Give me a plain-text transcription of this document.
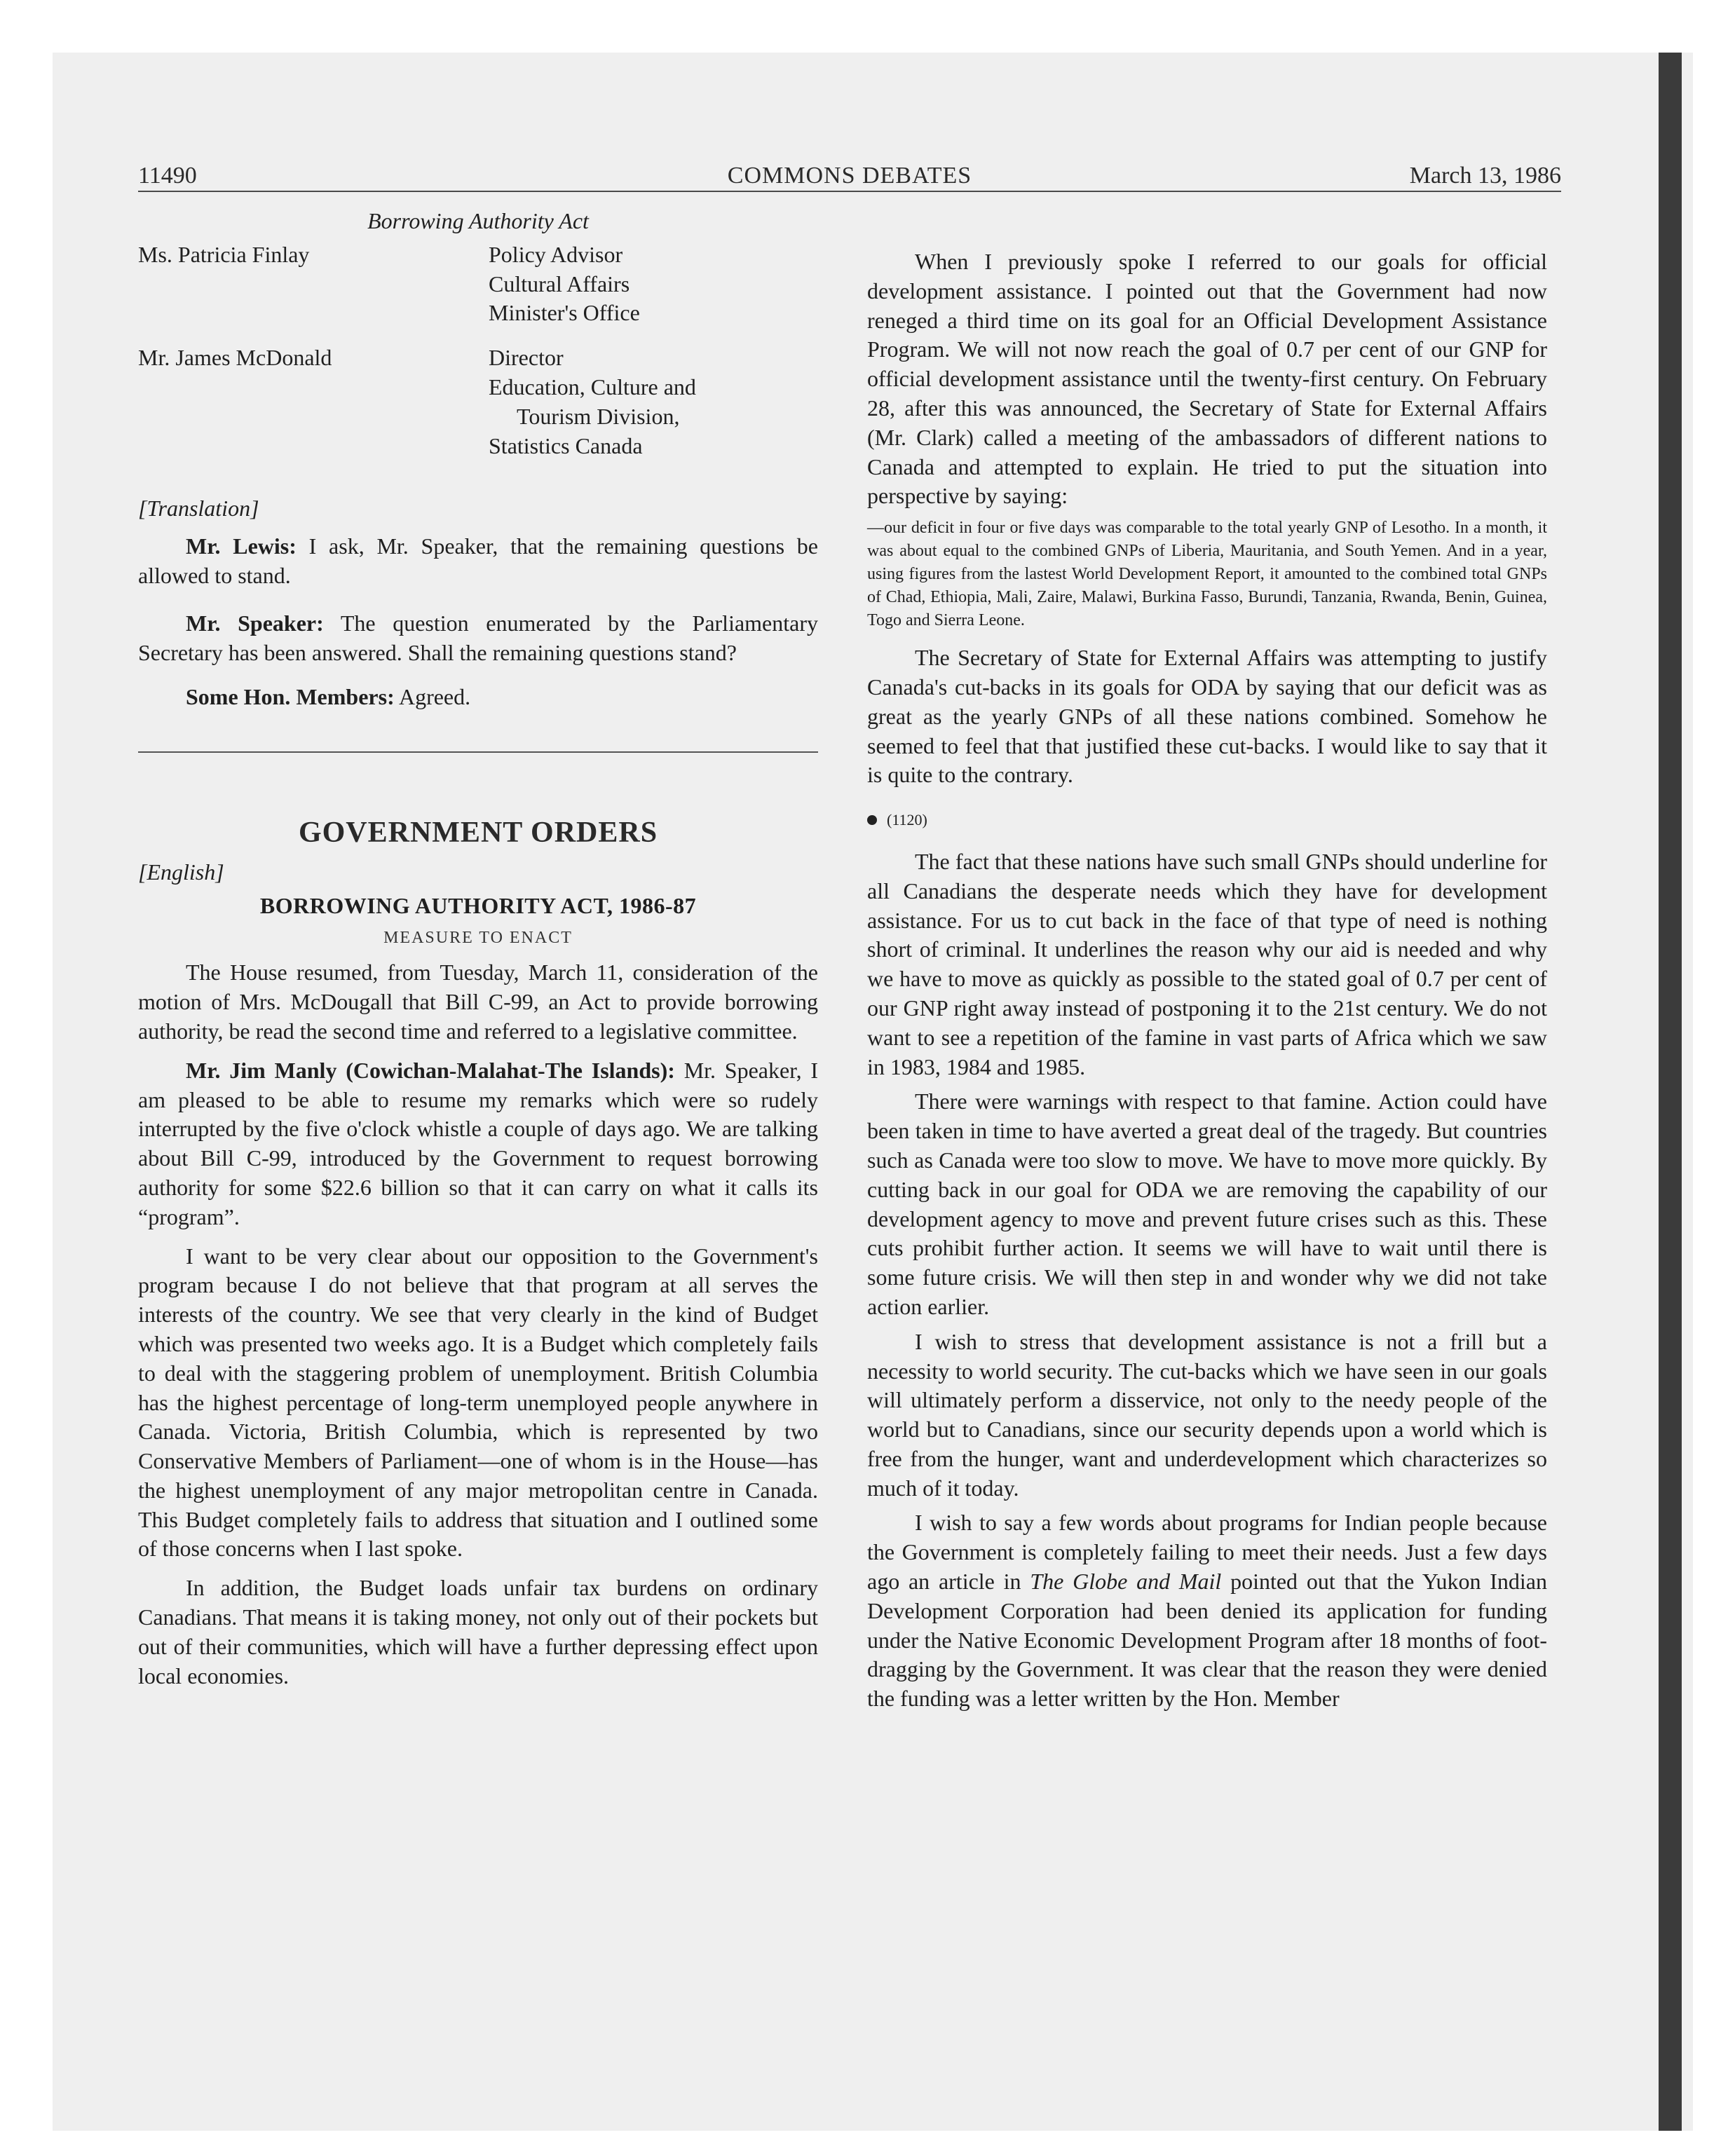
11490	COMMONS DEBATES	March 13, 1986
Borrowing Authority Act
Ms. Patricia Finlay	Policy Advisor
Cultural Affairs
Minister's Office
Mr. James McDonald	Director
Education, Culture and
Tourism Division,
Statistics Canada
[Translation]

Mr. Lewis: I ask, Mr. Speaker, that the remaining questions be allowed to stand.

Mr. Speaker: The question enumerated by the Parliamentary Secretary has been answered. Shall the remaining questions stand?

Some Hon. Members: Agreed.

GOVERNMENT ORDERS
[English]
BORROWING AUTHORITY ACT, 1986-87
MEASURE TO ENACT

The House resumed, from Tuesday, March 11, consideration of the motion of Mrs. McDougall that Bill C-99, an Act to provide borrowing authority, be read the second time and referred to a legislative committee.

Mr. Jim Manly (Cowichan-Malahat-The Islands): Mr. Speaker, I am pleased to be able to resume my remarks which were so rudely interrupted by the five o'clock whistle a couple of days ago. We are talking about Bill C-99, introduced by the Government to request borrowing authority for some $22.6 billion so that it can carry on what it calls its “program”.

I want to be very clear about our opposition to the Government's program because I do not believe that that program at all serves the interests of the country. We see that very clearly in the kind of Budget which was presented two weeks ago. It is a Budget which completely fails to deal with the staggering problem of unemployment. British Columbia has the highest percentage of long-term unemployed people anywhere in Canada. Victoria, British Columbia, which is represented by two Conservative Members of Parliament—one of whom is in the House—has the highest unemployment of any major metropolitan centre in Canada. This Budget completely fails to address that situation and I outlined some of those concerns when I last spoke.

In addition, the Budget loads unfair tax burdens on ordinary Canadians. That means it is taking money, not only out of their pockets but out of their communities, which will have a further depressing effect upon local economies.

When I previously spoke I referred to our goals for official development assistance. I pointed out that the Government had now reneged a third time on its goal for an Official Development Assistance Program. We will not now reach the goal of 0.7 per cent of our GNP for official development assistance until the twenty-first century. On February 28, after this was announced, the Secretary of State for External Affairs (Mr. Clark) called a meeting of the ambassadors of different nations to Canada and attempted to explain. He tried to put the situation into perspective by saying:

—our deficit in four or five days was comparable to the total yearly GNP of Lesotho. In a month, it was about equal to the combined GNPs of Liberia, Mauritania, and South Yemen. And in a year, using figures from the lastest World Development Report, it amounted to the combined total GNPs of Chad, Ethiopia, Mali, Zaire, Malawi, Burkina Fasso, Burundi, Tanzania, Rwanda, Benin, Guinea, Togo and Sierra Leone.

The Secretary of State for External Affairs was attempting to justify Canada's cut-backs in its goals for ODA by saying that our deficit was as great as the yearly GNPs of all these nations combined. Somehow he seemed to feel that that justified these cut-backs. I would like to say that it is quite to the contrary.

(1120)

The fact that these nations have such small GNPs should underline for all Canadians the desperate needs which they have for development assistance. For us to cut back in the face of that type of need is nothing short of criminal. It underlines the reason why our aid is needed and why we have to move as quickly as possible to the stated goal of 0.7 per cent of our GNP right away instead of postponing it to the 21st century. We do not want to see a repetition of the famine in vast parts of Africa which we saw in 1983, 1984 and 1985.

There were warnings with respect to that famine. Action could have been taken in time to have averted a great deal of the tragedy. But countries such as Canada were too slow to move. We have to move more quickly. By cutting back in our goal for ODA we are removing the capability of our development agency to move and prevent future crises such as this. These cuts prohibit further action. It seems we will have to wait until there is some future crisis. We will then step in and wonder why we did not take action earlier.

I wish to stress that development assistance is not a frill but a necessity to world security. The cut-backs which we have seen in our goals will ultimately perform a disservice, not only to the needy people of the world but to Canadians, since our security depends upon a world which is free from the hunger, want and underdevelopment which characterizes so much of it today.

I wish to say a few words about programs for Indian people because the Government is completely failing to meet their needs. Just a few days ago an article in The Globe and Mail pointed out that the Yukon Indian Development Corporation had been denied its application for funding under the Native Economic Development Program after 18 months of foot-dragging by the Government. It was clear that the reason they were denied the funding was a letter written by the Hon. Member
